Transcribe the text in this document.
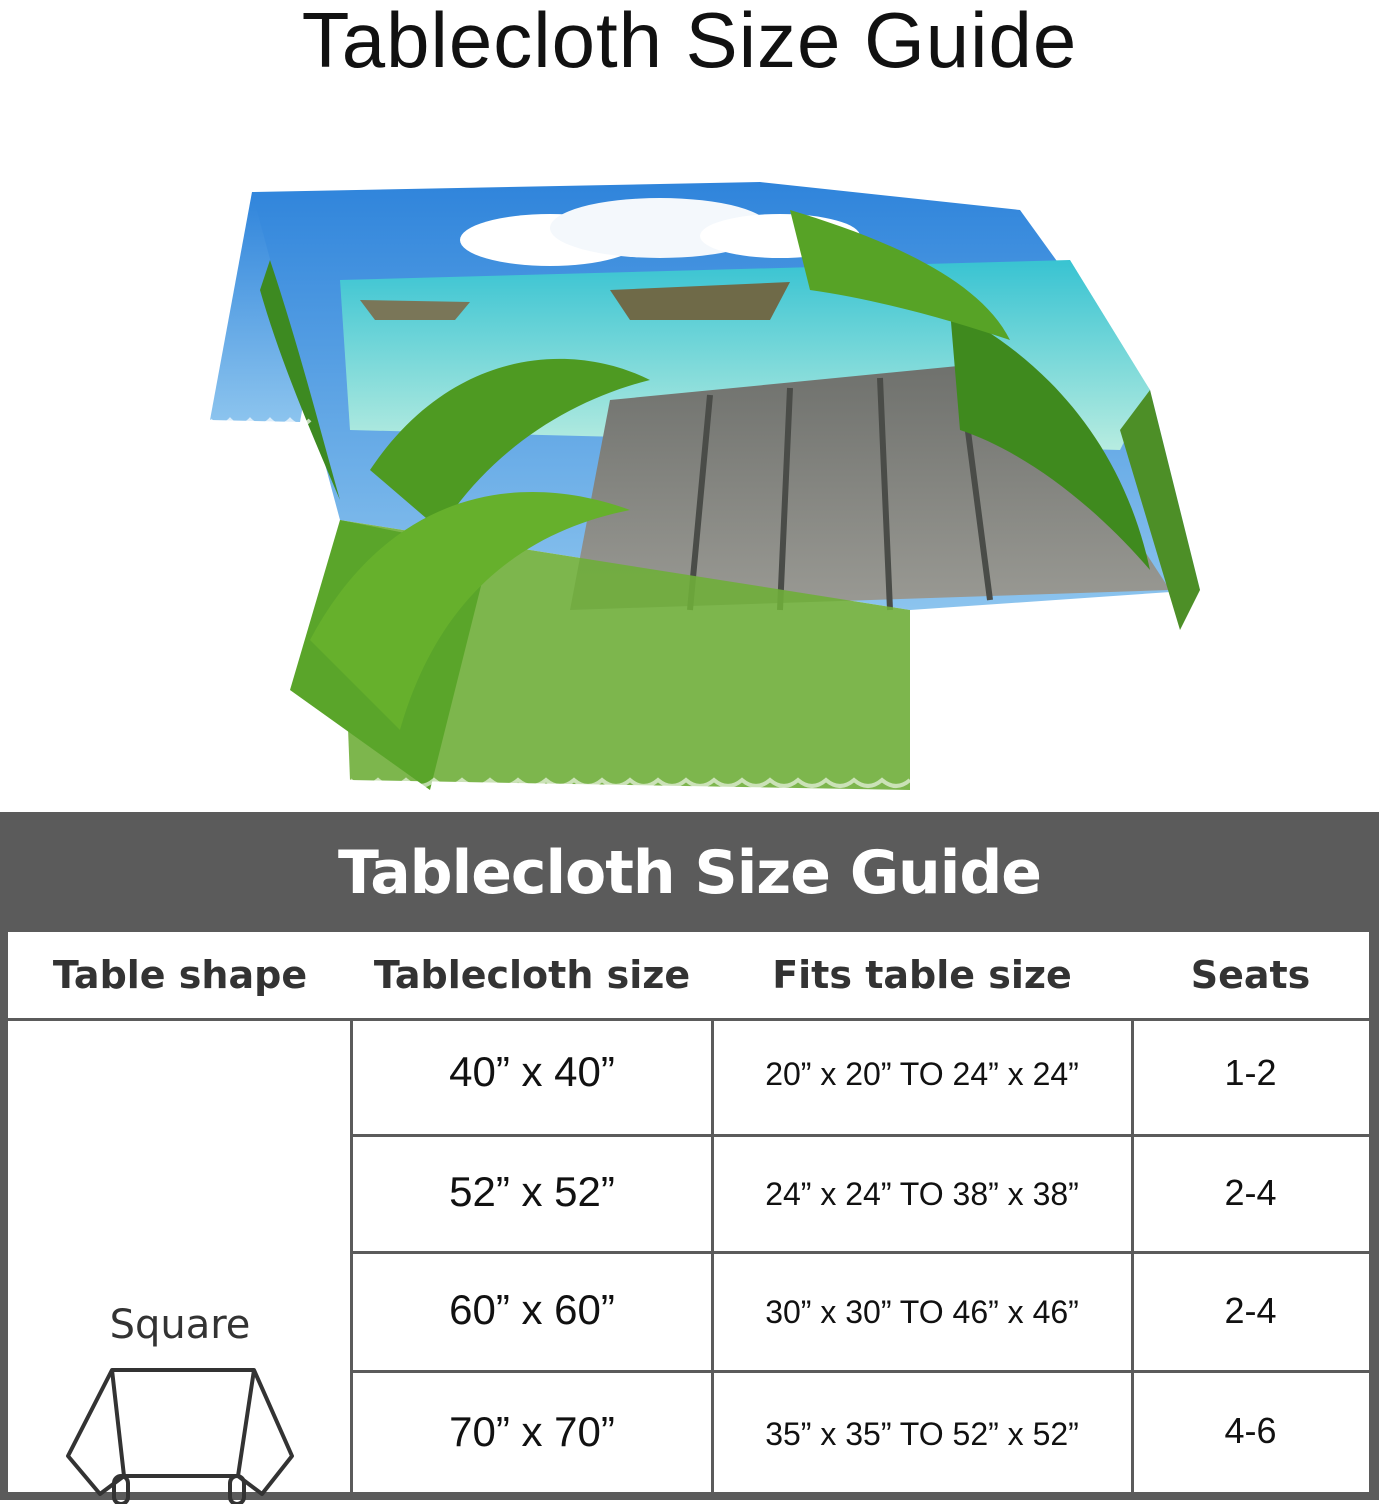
Tablecloth Size Guide
Tablecloth Size Guide
Table shape	Tablecloth size	Fits table size	Seats
Square
40” x 40”	20” x 20” TO 24” x 24”	1-2
52” x 52”	24” x 24” TO 38” x 38”	2-4
60” x 60”	30” x 30” TO 46” x 46”	2-4
70” x 70”	35” x 35” TO 52” x 52”	4-6
